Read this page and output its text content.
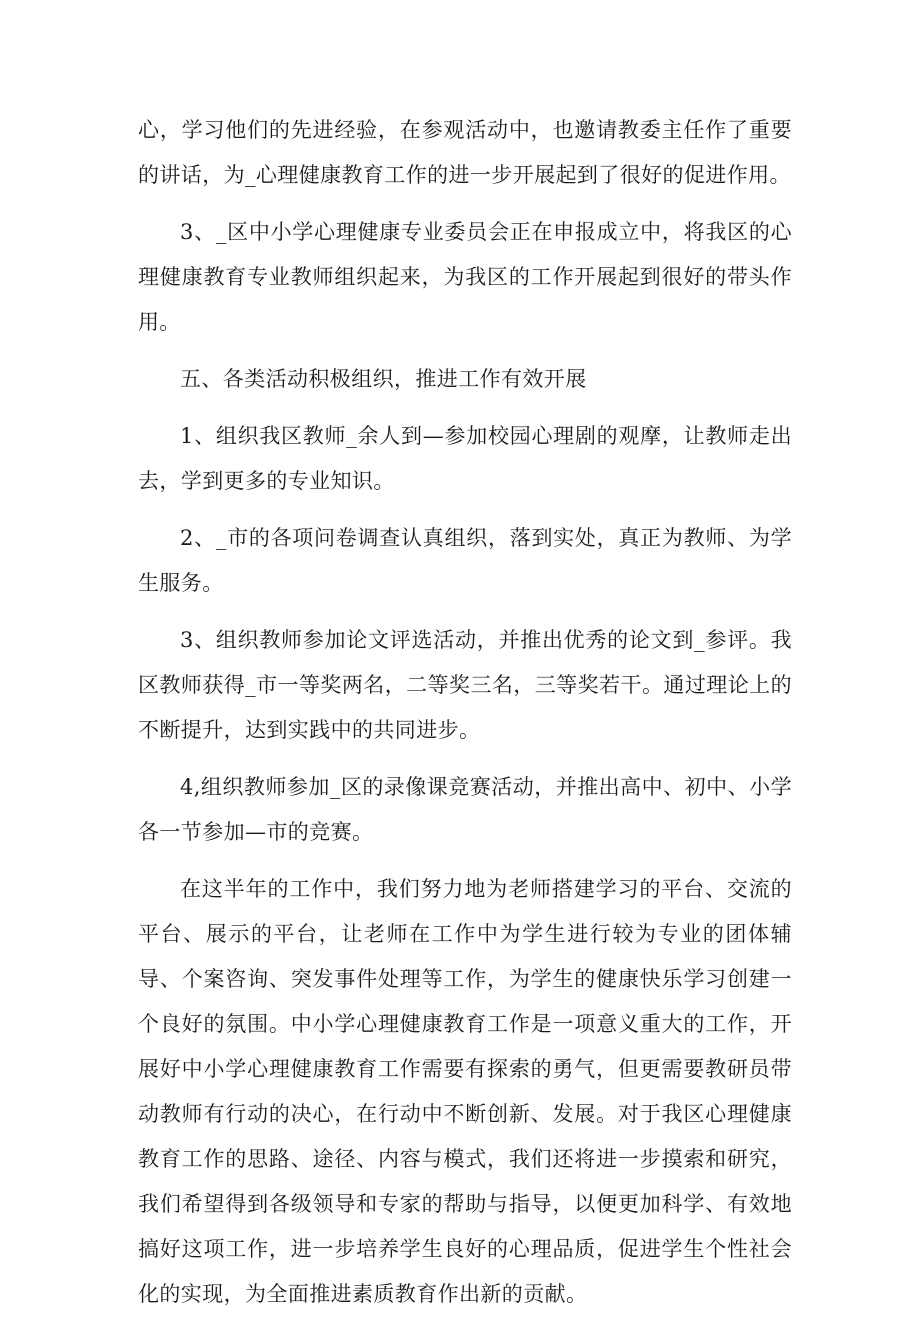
心，学习他们的先进经验，在参观活动中，也邀请教委主任作了重要的讲话，为_心理健康教育工作的进一步开展起到了很好的促进作用。

3、_区中小学心理健康专业委员会正在申报成立中，将我区的心理健康教育专业教师组织起来，为我区的工作开展起到很好的带头作用。

五、各类活动积极组织，推进工作有效开展

1、组织我区教师_余人到—参加校园心理剧的观摩，让教师走出去，学到更多的专业知识。

2、_市的各项问卷调查认真组织，落到实处，真正为教师、为学生服务。

3、组织教师参加论文评选活动，并推出优秀的论文到_参评。我区教师获得_市一等奖两名，二等奖三名，三等奖若干。通过理论上的不断提升，达到实践中的共同进步。

4,组织教师参加_区的录像课竞赛活动，并推出高中、初中、小学各一节参加—市的竞赛。

在这半年的工作中，我们努力地为老师搭建学习的平台、交流的平台、展示的平台，让老师在工作中为学生进行较为专业的团体辅导、个案咨询、突发事件处理等工作，为学生的健康快乐学习创建一个良好的氛围。中小学心理健康教育工作是一项意义重大的工作，开展好中小学心理健康教育工作需要有探索的勇气，但更需要教研员带动教师有行动的决心，在行动中不断创新、发展。对于我区心理健康教育工作的思路、途径、内容与模式，我们还将进一步摸索和研究，我们希望得到各级领导和专家的帮助与指导，以便更加科学、有效地搞好这项工作，进一步培养学生良好的心理品质，促进学生个性社会化的实现，为全面推进素质教育作出新的贡献。
